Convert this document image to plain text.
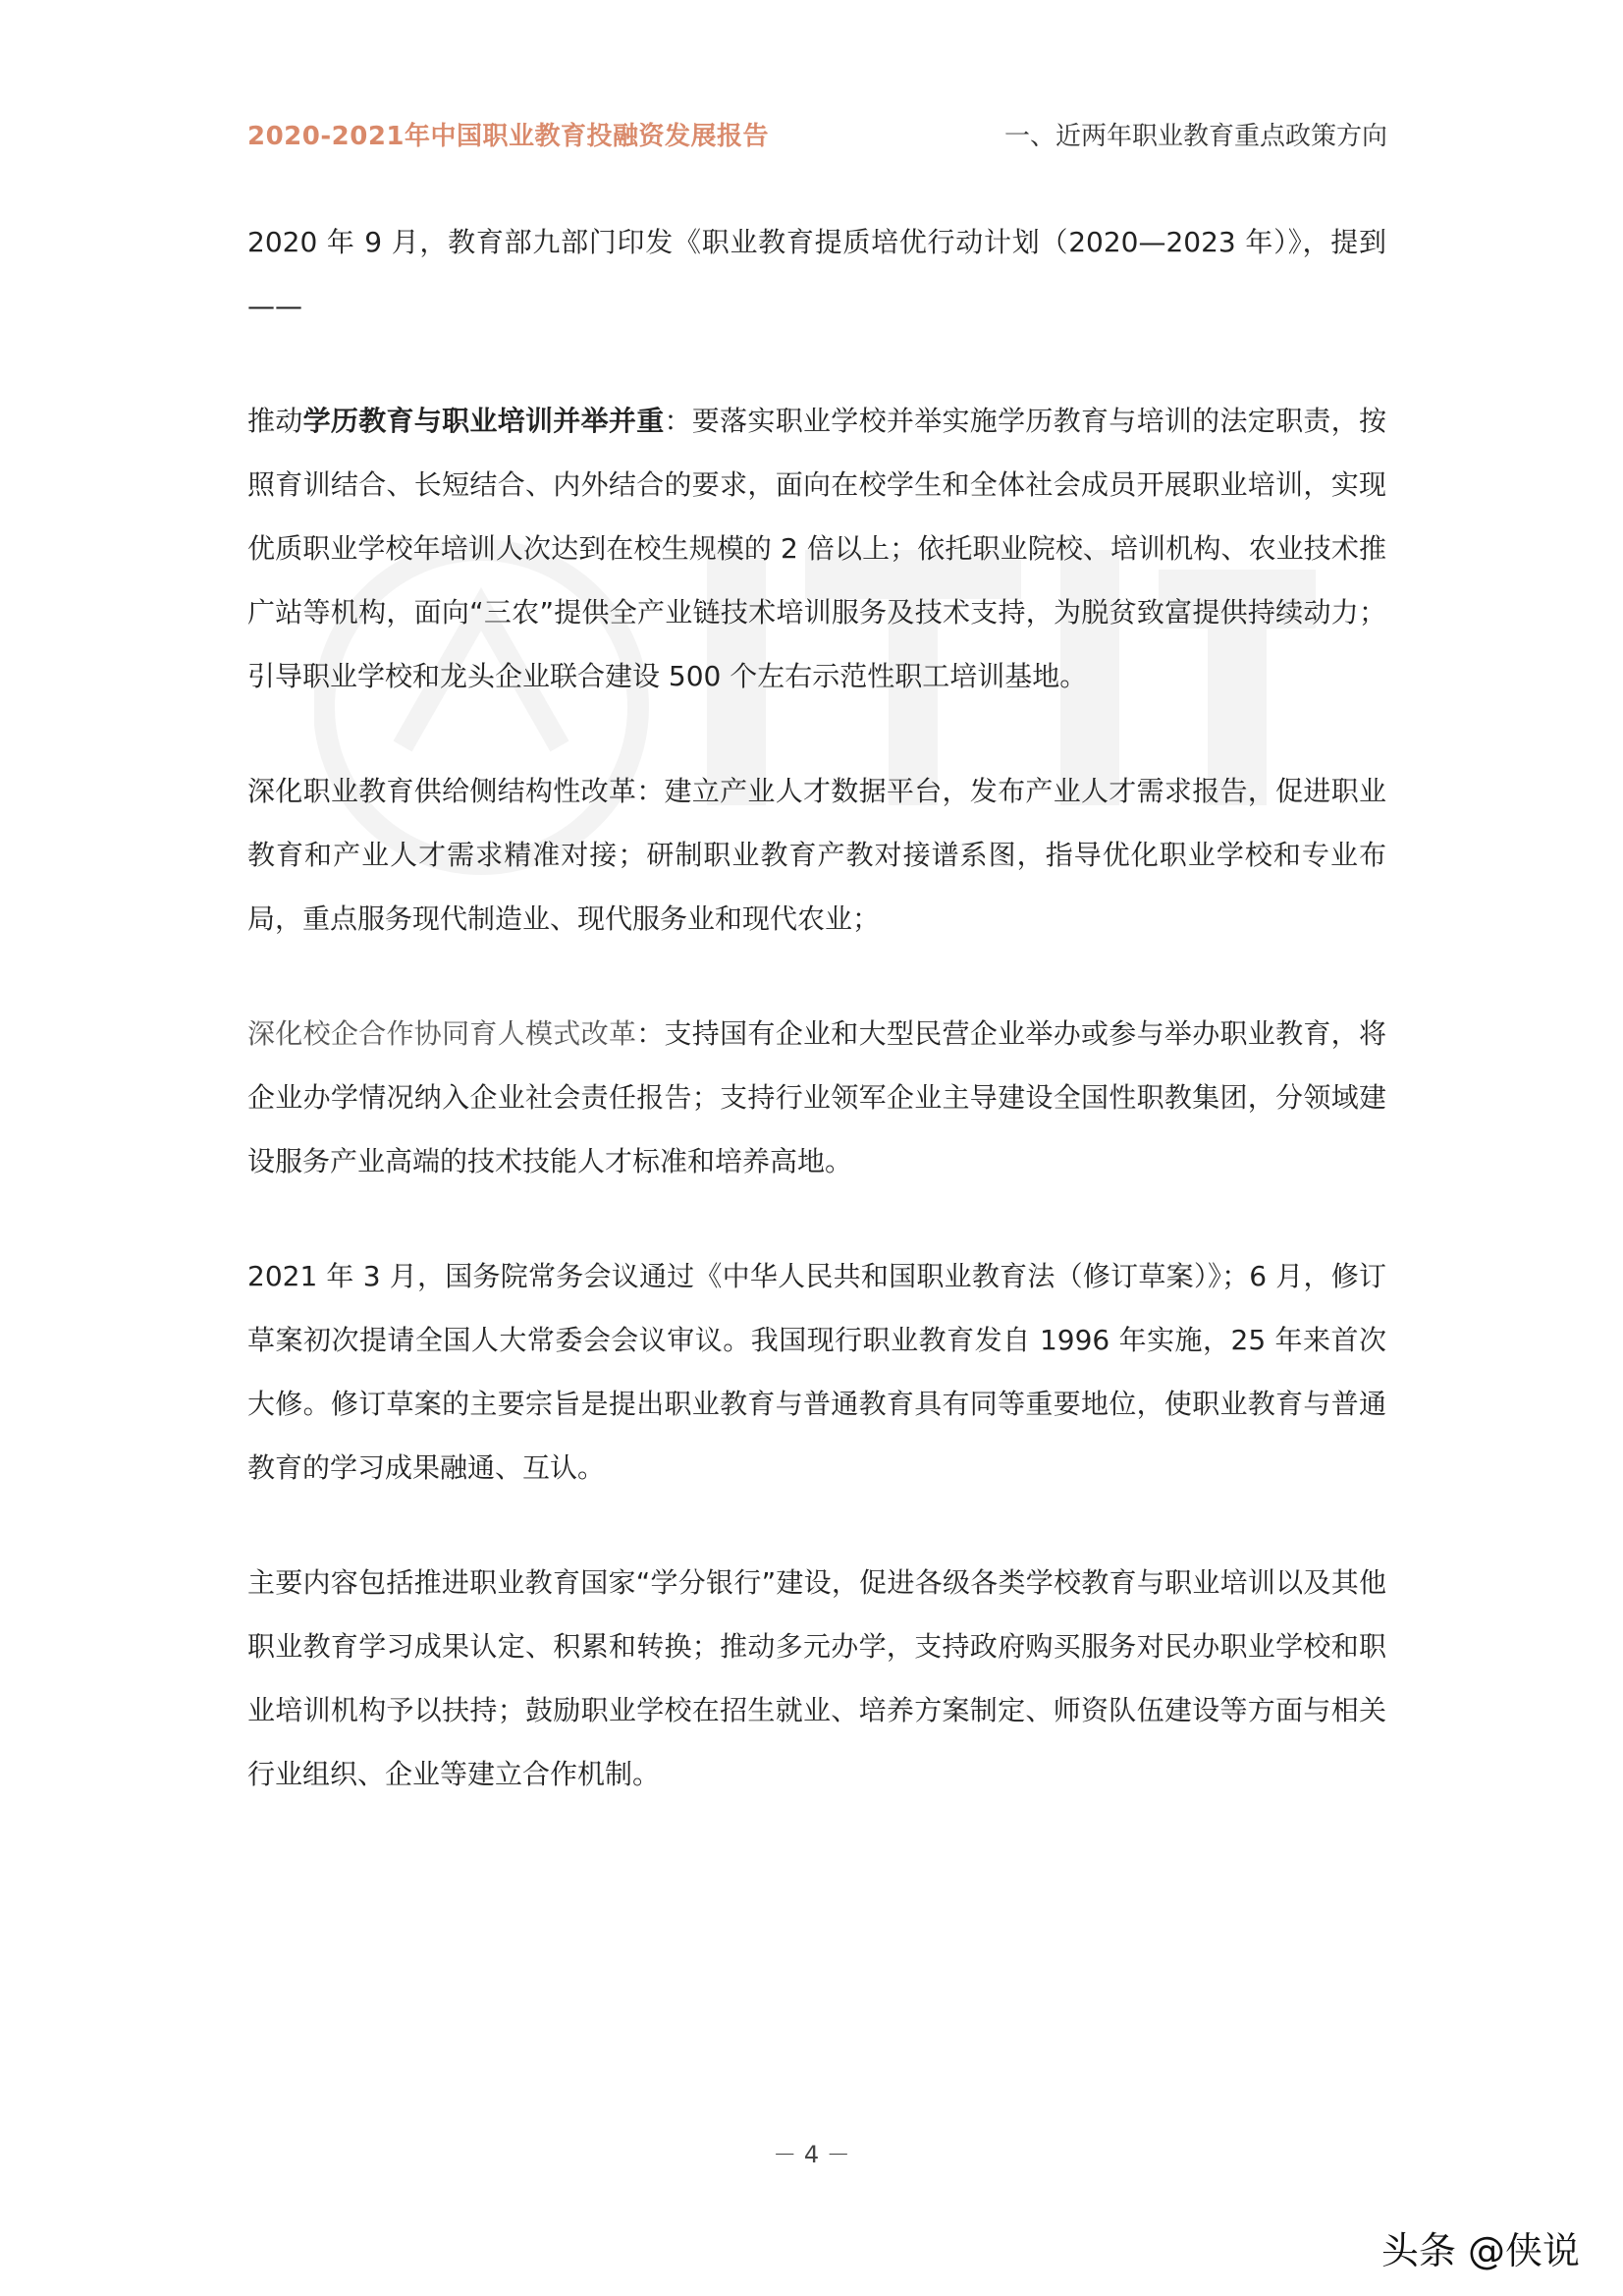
2020-2021年中国职业教育投融资发展报告	一、近两年职业教育重点政策方向

2020 年 9 月，教育部九部门印发《职业教育提质培优行动计划（2020—2023 年）》，提到——

推动学历教育与职业培训并举并重：要落实职业学校并举实施学历教育与培训的法定职责，按照育训结合、长短结合、内外结合的要求，面向在校学生和全体社会成员开展职业培训，实现优质职业学校年培训人次达到在校生规模的 2 倍以上；依托职业院校、培训机构、农业技术推广站等机构，面向“三农”提供全产业链技术培训服务及技术支持，为脱贫致富提供持续动力；引导职业学校和龙头企业联合建设 500 个左右示范性职工培训基地。

深化职业教育供给侧结构性改革：建立产业人才数据平台，发布产业人才需求报告，促进职业教育和产业人才需求精准对接；研制职业教育产教对接谱系图，指导优化职业学校和专业布局，重点服务现代制造业、现代服务业和现代农业；

深化校企合作协同育人模式改革：支持国有企业和大型民营企业举办或参与举办职业教育，将企业办学情况纳入企业社会责任报告；支持行业领军企业主导建设全国性职教集团，分领域建设服务产业高端的技术技能人才标准和培养高地。

2021 年 3 月，国务院常务会议通过《中华人民共和国职业教育法（修订草案）》；6 月，修订草案初次提请全国人大常委会会议审议。我国现行职业教育发自 1996 年实施，25 年来首次大修。修订草案的主要宗旨是提出职业教育与普通教育具有同等重要地位，使职业教育与普通教育的学习成果融通、互认。

主要内容包括推进职业教育国家“学分银行”建设，促进各级各类学校教育与职业培训以及其他职业教育学习成果认定、积累和转换；推动多元办学，支持政府购买服务对民办职业学校和职业培训机构予以扶持；鼓励职业学校在招生就业、培养方案制定、师资队伍建设等方面与相关行业组织、企业等建立合作机制。

－ 4 －
头条 @侠说
